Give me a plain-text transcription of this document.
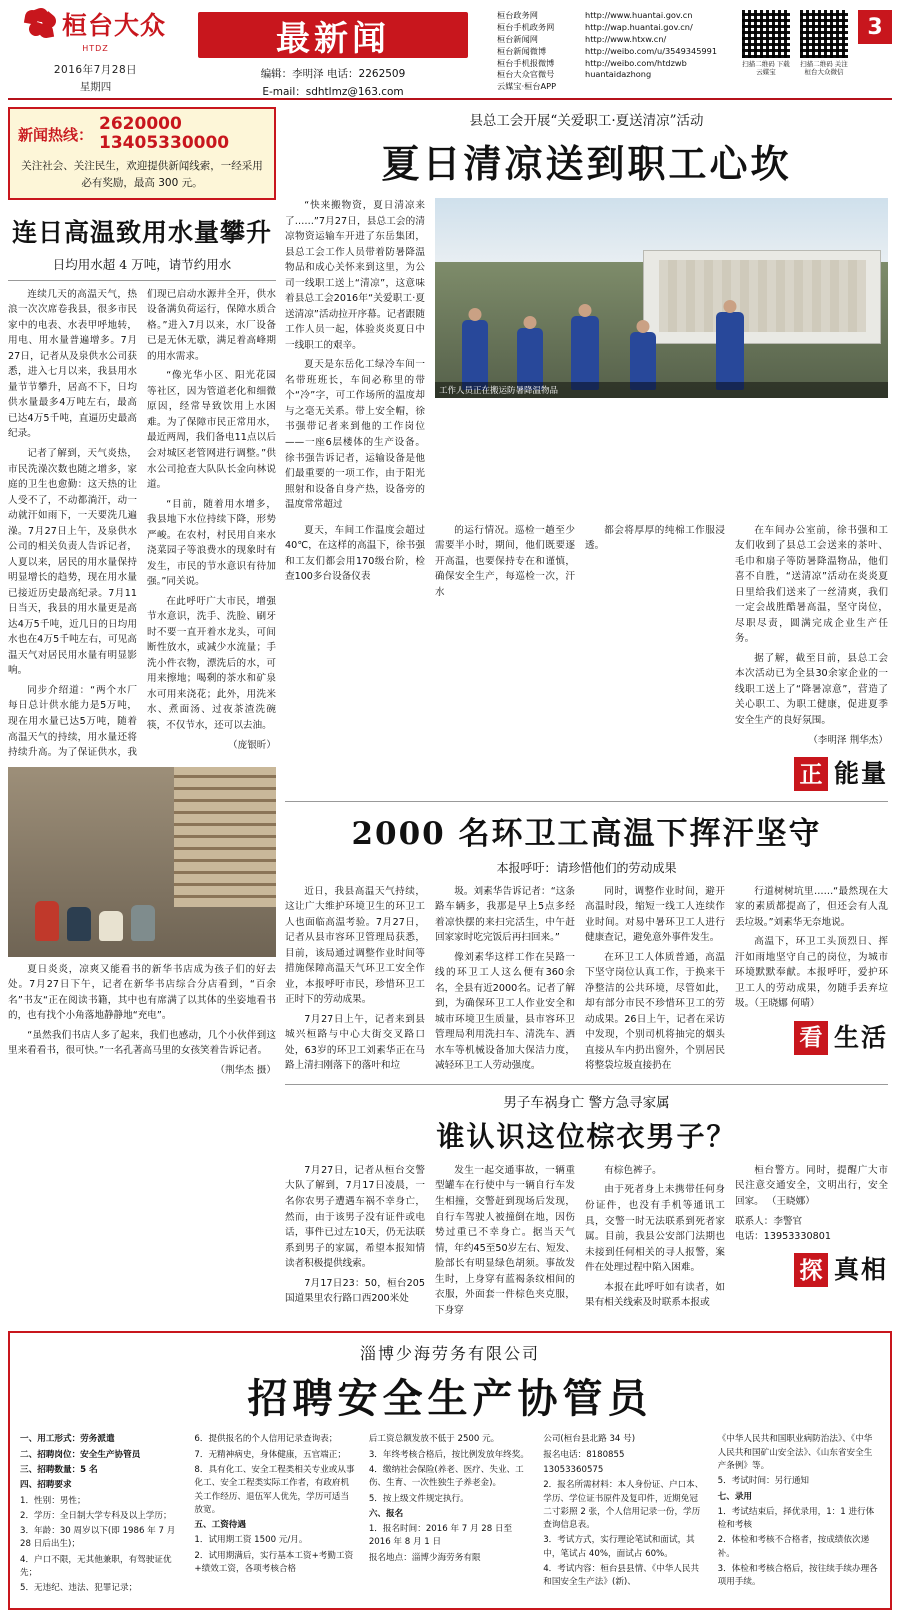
桓台大众
HTDZ
2016年7月28日
星期四
最新闻
编辑：李明泽 电话：2262509
E-mail：sdhtlmz@163.com
桓台政务网	http://www.huantai.gov.cn
桓台手机政务网	http://wap.huantai.gov.cn/
桓台新闻网	http://www.htxw.cn/
桓台新闻微博	http://weibo.com/u/3549345991
桓台手机报微博	http://weibo.com/htdzwb
桓台大众官微号	huantaidazhong
云媒宝·桓台APP
扫描二维码 下载云媒宝
扫描二维码 关注桓台大众微信
3
新闻热线：
2620000
13405330000
关注社会、关注民生，欢迎提供新闻线索，一经采用必有奖励，最高 300 元。
连日高温致用水量攀升
日均用水超 4 万吨，请节约用水

连续几天的高温天气，热浪一次次席卷我县，很多市民家中的电表、水表甲呼地转，用电、用水量普遍增多。7月27日，记者从及泉供水公司获悉，进入七月以来，我县用水量节节攀升，居高不下，日均供水量最多4万吨左右，最高已达4万5千吨，直逼历史最高纪录。

记者了解到，天气炎热，市民洗澡次数也随之增多，家庭的卫生也愈勤：这天热的让人受不了，不动都淌汗，动一动就汗如雨下，一天要洗几遍澡。7月27日上午，及泉供水公司的相关负责人告诉记者，人夏以来，居民的用水量保持明显增长的趋势，现在用水量已接近历史最高纪录。7月11日当天，我县的用水量更是高达4万5千吨，近几日的日均用水也在4万5千吨左右，可见高温天气对居民用水量有明显影响。

同步介绍道：“两个水厂每日总计供水能力是5万吨，现在用水量已达5万吨，随着高温天气的持续，用水量还将持续升高。为了保证供水，我们现已启动水源井全开，供水设备满负荷运行，保障水质合格。”进入7月以来，水厂设备已是无休无歇，满足着高峰期的用水需求。

“像光华小区、阳光花园等社区，因为管道老化和细微原因，经常导致饮用上水困难。为了保障市民正常用水，最近两周，我们备电11点以后会对城区老管网进行调整。”供水公司抢查大队队长金向林说道。

“目前，随着用水增多，我县地下水位持续下降，形势严峻。在农村，村民用自来水浇菜园子等浪费水的现象时有发生，市民的节水意识有待加强。”同关说。

在此呼吁广大市民，增强节水意识，洗手、洗脸、刷牙时不要一直开着水龙头，可间断性放水，或减少水流量；手洗小件衣物，漂洗后的水，可用来擦地；喝剩的茶水和矿泉水可用来浇花；此外，用洗米水、煮面汤、过夜茶渣洗碗筷，不仅节水，还可以去油。

（庞银昕）

夏日炎炎，凉爽又能看书的新华书店成为孩子们的好去处。7月27日下午，记者在新华书店综合分店看到，“百余名”书友“正在阅读书籍，其中也有席满了以其体的坐姿地看书的，也有找个小角落地静静地“充电”。

“虽然我们书店人多了起来，我们也感动，几个小伙伴到这里来看看书，很可快。”一名孔著高马里的女孩笑着告诉记者。

（荆华杰 摄）
县总工会开展“关爱职工·夏送清凉”活动
夏日清凉送到职工心坎

“快来搬物资，夏日清凉来了……”7月27日，县总工会的清凉物资运输车开进了东岳集团，县总工会工作人员带着防暑降温物品和成心关怀来到这里，为公司一线职工送上“清凉”，这意味着县总工会2016年“关爱职工·夏送清凉”活动拉开序幕。记者跟随工作人员一起，体验炎炎夏日中一线职工的艰辛。

夏天是东岳化工绿冷车间一名带班班长，车间必称里的带个“冷”字，可工作场所的温度却与之毫无关系。带上安全帽，徐书强带记者来到他的工作岗位——一座6层楼体的生产设备。徐书强告诉记者，运输设备是他们最重要的一项工作，由于阳光照射和设备自身产热，设备旁的温度常常超过

工作人员正在搬运防暑降温物品

夏天，车间工作温度会超过40℃，在这样的高温下，徐书强和工友们都会用170级台阶，检查100多台设备仪表

的运行情况。巡检一趟至少需要半小时，期间，他们既要逐开高温，也要保持专在和谨慎，确保安全生产，每巡检一次，汗水

都会将厚厚的纯棉工作服浸透。

在车间办公室前，徐书强和工友们收到了县总工会送来的茶叶、毛巾和扇子等防暑降温物品，他们喜不自胜，“送清凉”活动在炎炎夏日里给我们送来了一丝清爽，我们一定会战胜酷暑高温，坚守岗位，尽职尽责，圆满完成企业生产任务。

据了解，截至目前，县总工会本次活动已为全县30余家企业的一线职工送上了“降暑凉意”，营造了关心职工、为职工健康，促进夏季安全生产的良好氛围。

（李明泽 荆华杰）
正 能量
2000 名环卫工高温下挥汗坚守
本报呼吁：请珍惜他们的劳动成果

近日，我县高温天气持续，这让广大维护环境卫生的环卫工人也面临高温考验。7月27日，记者从县市容环卫管理局获悉，目前，该局通过调整作业时间等措施保障高温天气环卫工安全作业，本报呼吁市民，珍惜环卫工正时下的劳动成果。

7月27日上午，记者来到县城兴桓路与中心大街交叉路口处，63岁的环卫工刘素华正在马路上清扫刚落下的落叶和垃

圾。刘素华告诉记者：“这条路车辆多，我那是早上5点多经着凉快摆的来扫完活生，中午赶回家家时吃完饭后再扫回来。”

像刘素华这样工作在吴路一线的环卫工人这么便有360余名，全县有近2000名。记者了解到，为确保环卫工人作业安全和城市环境卫生质量，县市容环卫管理局利用洗扫车、清洗车、洒水车等机械设备加大保洁力度，减轻环卫工人劳动强度。

同时，调整作业时间，避开高温时段，缩短一线工人连续作业时间。对易中暑环卫工人进行健康查记，避免意外事件发生。

在环卫工人体质普通，高温下坚守岗位认真工作，于换来干净整洁的公共环境，尽管如此，却有部分市民不珍惜环卫工的劳动成果。26日上午，记者在采访中发现，个别司机将抽完的烟头直接从车内扔出窗外，个别居民将整袋垃圾直接扔在

行道树树坑里……“最然现在大家的素质都提高了，但还会有人乱丢垃圾。”刘素华无奈地说。

高温下，环卫工头顶烈日、挥汗如雨地坚守自己的岗位，为城市环境默默奉献。本报呼吁，爱护环卫工人的劳动成果，勿随手丢弃垃圾。（王晓娜 何晴）

看 生活
男子车祸身亡 警方急寻家属
谁认识这位棕衣男子？

7月27日，记者从桓台交警大队了解到，7月17日凌晨，一名你农男子遭遇车祸不幸身亡，然而，由于该男子没有证件或电话，事件已过左10天，仍无法联系到男子的家属，希望本报知情读者积极提供线索。

7月17日23：50，桓台205国道果里农行路口西200米处

发生一起交通事故，一辆重型罐车在行使中与一辆自行车发生相撞，交警赶到现场后发现，自行车驾驶人被撞倒在地，因伤势过重已不幸身亡。据当天气情，年约45至50岁左右、短发、脸部长有明显绿色胡须。事故发生时，上身穿有蓝褐条纹相间的衣服，外面套一件棕色夹克服，下身穿

有棕色裤子。

由于死者身上未携带任何身份证件，也没有手机等通讯工具，交警一时无法联系到死者家属。目前，我县公安部门法期也未接到任何相关的寻人报警，案件在处理过程中陷入困难。

本报在此呼吁如有读者，如果有相关线索及时联系本报或

桓台警方。同时，提醒广大市民注意交通安全，文明出行，安全回家。 （王晓娜）

联系人：李警官
电话：13953330801
探 真相
淄博少海劳务有限公司
招聘安全生产协管员

一、用工形式：劳务派遣

二、招聘岗位：安全生产协管员

三、招聘数量：5 名

四、招聘要求

1．性别：男性；

2．学历：全日制大学专科及以上学历；

3．年龄：30 周岁以下(即 1986 年 7 月 28 日后出生)；

4．户口不限，无其他兼职，有驾驶证优先；

5．无违纪、违法、犯罪记录；

6．提供报名的个人信用记录查询表；

7．无精神病史，身体健康，五官端正；

8．具有化工、安全工程类相关专业或从事化工、安全工程类实际工作者，有政府机关工作经历、退伍军人优先，学历可适当放宽。

五、工资待遇

1．试用期工资 1500 元/月。

2．试用期满后，实行基本工资+考勤工资+绩效工资，各项考核合格

后工资总额发放不低于 2500 元。

3．年终考核合格后，按比例发放年终奖。

4．缴纳社会保险(养老、医疗、失业、工伤、生育、一次性独生子养老金)。

5．按上级文件规定执行。

六、报名

1．报名时间：2016 年 7 月 28 日至 2016 年 8 月 1 日

报名地点：淄博少海劳务有限

公司(桓台县北路 34 号)

报名电话：8180855

13053360575

2．报名所需材料：本人身份证、户口本、学历、学位证书原件及复印件，近期免冠二寸彩照 2 张，个人信用记录一份，学历查询信息表。

3．考试方式，实行理论笔试和面试，其中，笔试占 40%，面试占 60%。

4．考试内容：桓台县县情、《中华人民共和国安全生产法》(新)、

《中华人民共和国职业病防治法》、《中华人民共和国矿山安全法》、《山东省安全生产条例》等。

5．考试时间：另行通知

七、录用

1．考试结束后，择优录用，1：1 进行体检和考核

2．体检和考核不合格者，按成绩依次递补。

3．体检和考核合格后，按往续手续办理各项用手续。
